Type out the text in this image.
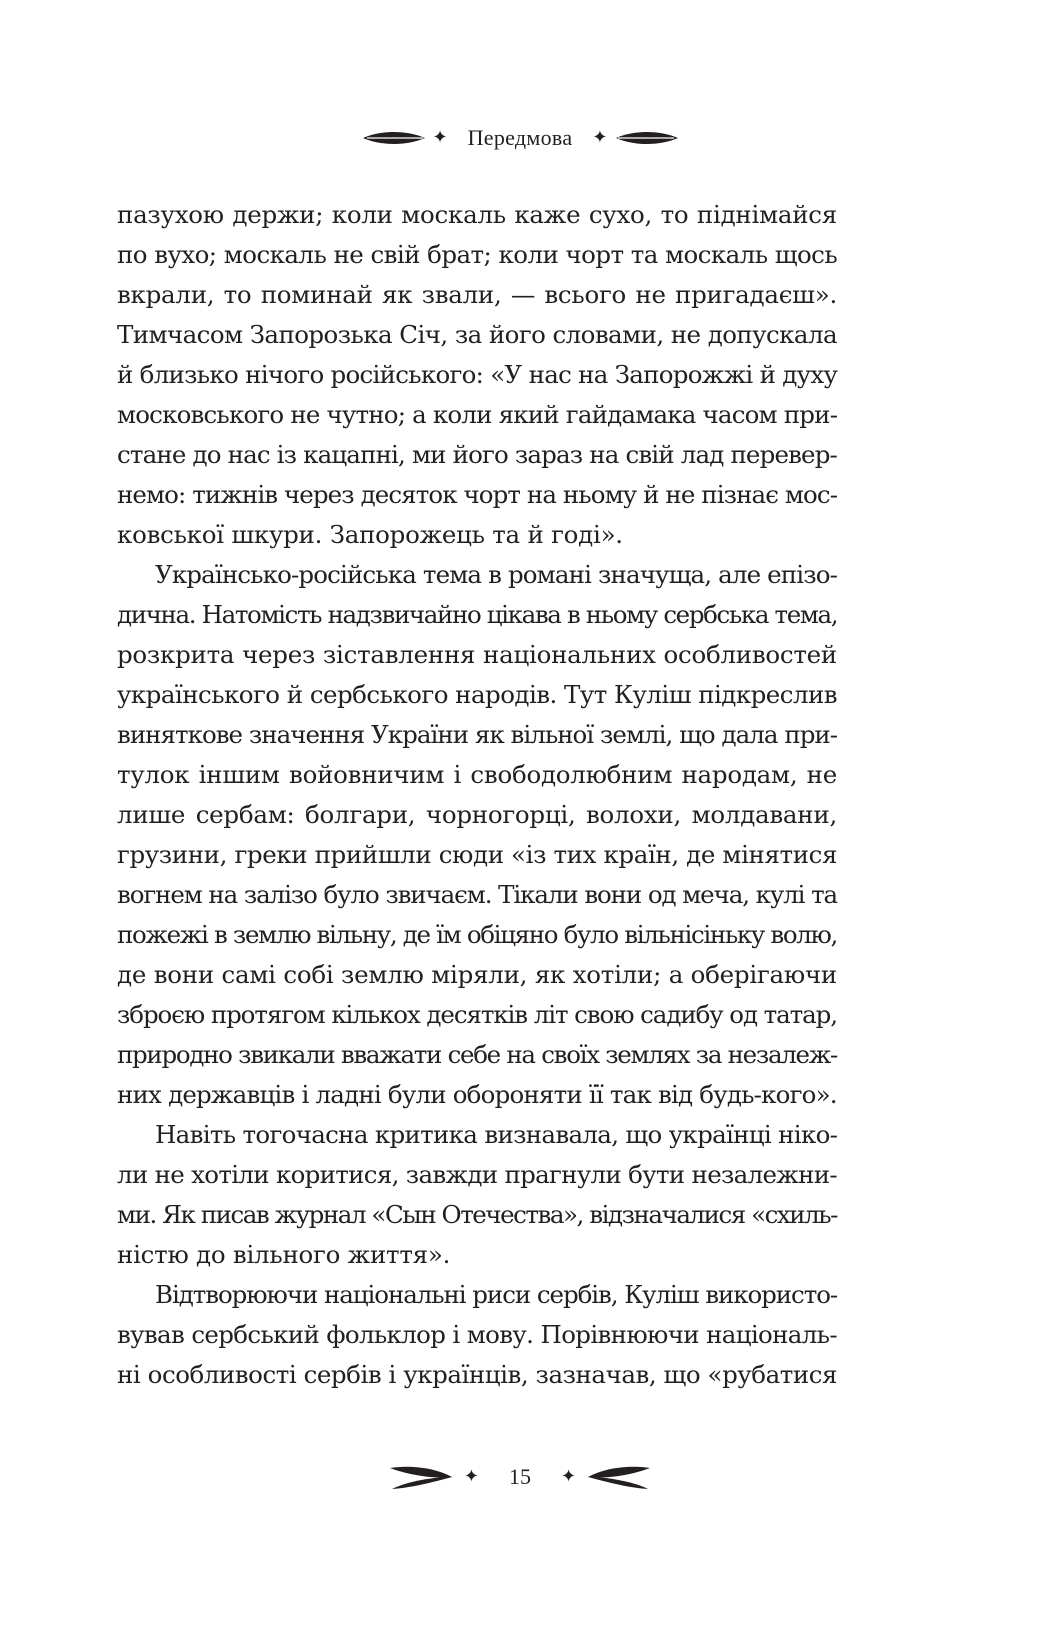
✦ Передмова ✦
пазухою держи; коли москаль каже сухо, то піднімайся
по вухо; москаль не свій брат; коли чорт та москаль щось
вкрали, то поминай як звали, — всього не пригадаєш».
Тимчасом Запорозька Січ, за його словами, не допускала
й близько нічого російського: «У нас на Запорожжі й духу
московського не чутно; а коли який гайдамака часом при-
стане до нас із кацапні, ми його зараз на свій лад перевер-
немо: тижнів через десяток чорт на ньому й не пізнає мос-
ковської шкури. Запорожець та й годі».
Українсько-російська тема в романі значуща, але епізо-
дична. Натомість надзвичайно цікава в ньому сербська тема,
розкрита через зіставлення національних особливостей
українського й сербського народів. Тут Куліш підкреслив
виняткове значення України як вільної землі, що дала при-
тулок іншим войовничим і свободолюбним народам, не
лише сербам: болгари, чорногорці, волохи, молдавани,
грузини, греки прийшли сюди «із тих країн, де мінятися
вогнем на залізо було звичаєм. Тікали вони од меча, кулі та
пожежі в землю вільну, де їм обіцяно було вільнісіньку волю,
де вони самі собі землю міряли, як хотіли; а оберігаючи
зброєю протягом кількох десятків літ свою садибу од татар,
природно звикали вважати себе на своїх землях за незалеж-
них державців і ладні були обороняти її так від будь-кого».
Навіть тогочасна критика визнавала, що українці ніко-
ли не хотіли коритися, завжди прагнули бути незалежни-
ми. Як писав журнал «Сын Отечества», відзначалися «схиль-
ністю до вільного життя».
Відтворюючи національні риси сербів, Куліш використо-
вував сербський фольклор і мову. Порівнюючи національ-
ні особливості сербів і українців, зазначав, що «рубатися
✦ 15 ✦
